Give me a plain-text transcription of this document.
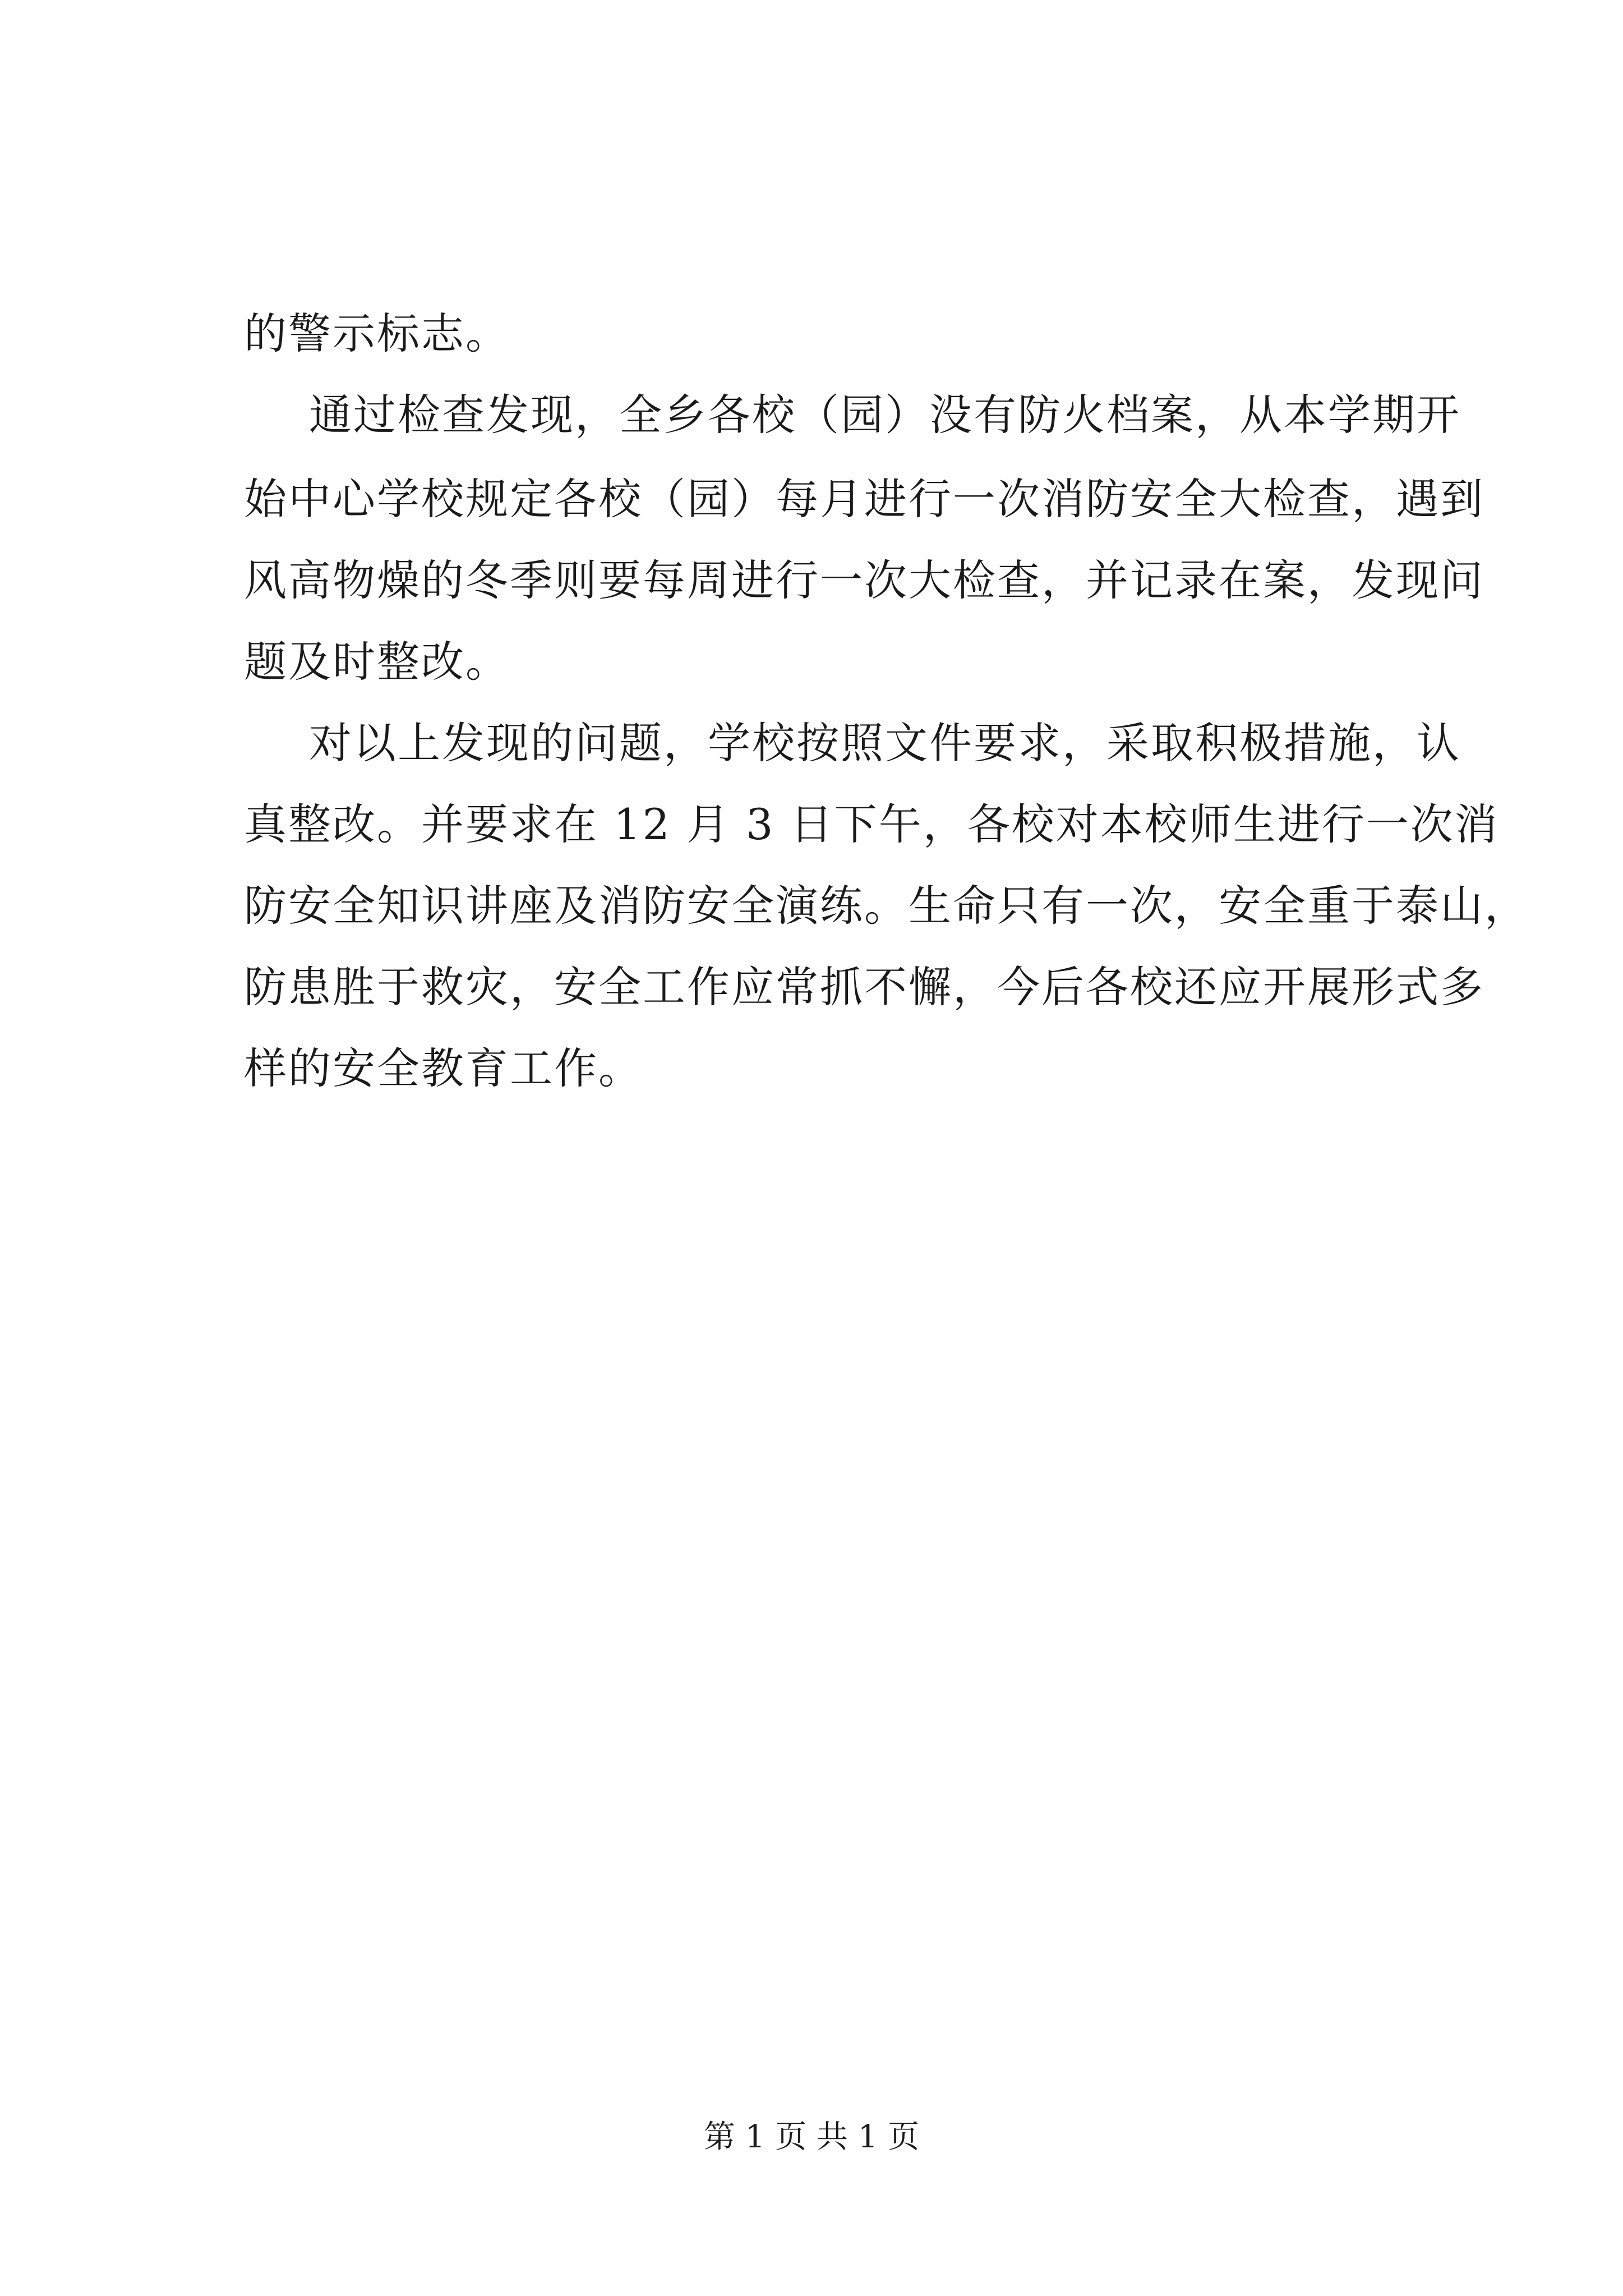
的警示标志。
通过检查发现，全乡各校（园）没有防火档案，从本学期开
始中心学校规定各校（园）每月进行一次消防安全大检查，遇到
风高物燥的冬季则要每周进行一次大检查，并记录在案，发现问
题及时整改。
对以上发现的问题，学校按照文件要求，采取积极措施，认
真整改。并要求在 12 月 3 日下午，各校对本校师生进行一次消
防安全知识讲座及消防安全演练。生命只有一次，安全重于泰山，
防患胜于救灾，安全工作应常抓不懈，今后各校还应开展形式多
样的安全教育工作。
第 1 页 共 1 页
